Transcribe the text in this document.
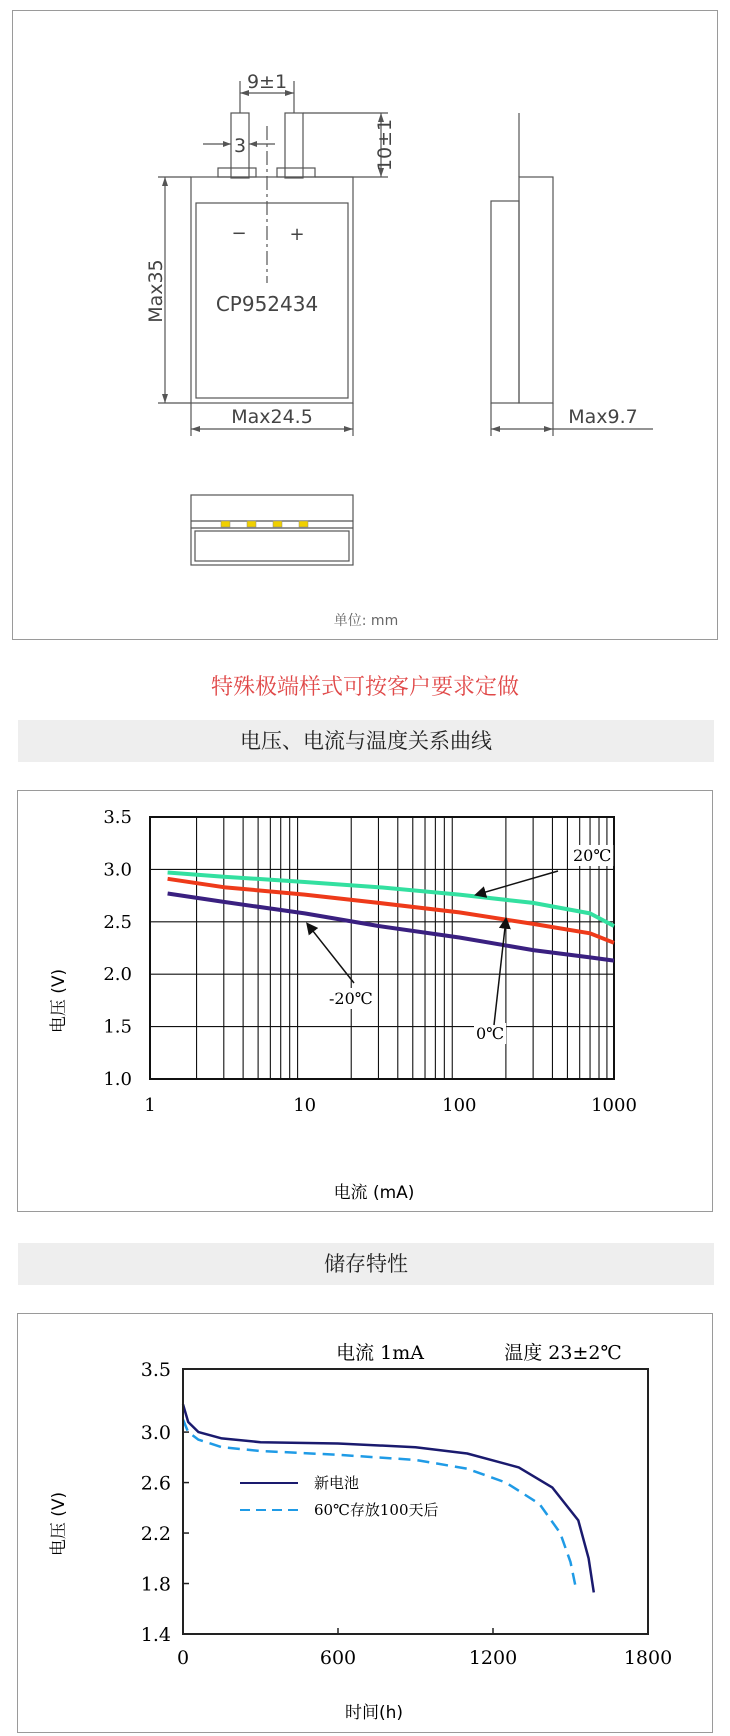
9±1
3	10±1
Max35
Max24.5	Max9.7
− +
CP952434
单位: mm
特殊极端样式可按客户要求定做
电压、电流与温度关系曲线
1.0
1.5
2.0
2.5
3.0
3.5
1	10	100	1000
20℃
0℃
-20℃
电压 (V)
电流 (mA)
储存特性
1.4
1.8
2.2
2.6
3.0
3.5
0	600	1200	1800
电流 1mA	温度 23±2℃
新电池
60℃存放100天后
电压 (V)
时间(h)
